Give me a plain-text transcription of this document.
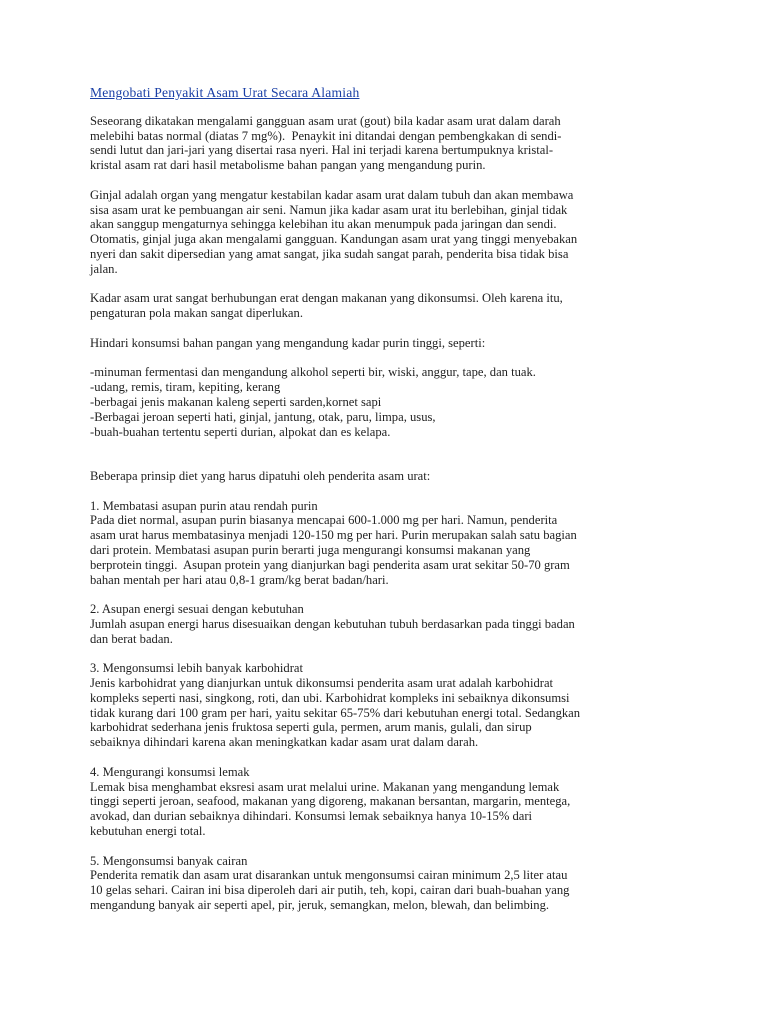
Mengobati Penyakit Asam Urat Secara Alamiah
Seseorang dikatakan mengalami gangguan asam urat (gout) bila kadar asam urat dalam darah
melebihi batas normal (diatas 7 mg%).  Penaykit ini ditandai dengan pembengkakan di sendi-
sendi lutut dan jari-jari yang disertai rasa nyeri. Hal ini terjadi karena bertumpuknya kristal-
kristal asam rat dari hasil metabolisme bahan pangan yang mengandung purin.
Ginjal adalah organ yang mengatur kestabilan kadar asam urat dalam tubuh dan akan membawa
sisa asam urat ke pembuangan air seni. Namun jika kadar asam urat itu berlebihan, ginjal tidak
akan sanggup mengaturnya sehingga kelebihan itu akan menumpuk pada jaringan dan sendi.
Otomatis, ginjal juga akan mengalami gangguan. Kandungan asam urat yang tinggi menyebakan
nyeri dan sakit dipersedian yang amat sangat, jika sudah sangat parah, penderita bisa tidak bisa
jalan.
Kadar asam urat sangat berhubungan erat dengan makanan yang dikonsumsi. Oleh karena itu,
pengaturan pola makan sangat diperlukan.
Hindari konsumsi bahan pangan yang mengandung kadar purin tinggi, seperti:
-minuman fermentasi dan mengandung alkohol seperti bir, wiski, anggur, tape, dan tuak.
-udang, remis, tiram, kepiting, kerang
-berbagai jenis makanan kaleng seperti sarden,kornet sapi
-Berbagai jeroan seperti hati, ginjal, jantung, otak, paru, limpa, usus,
-buah-buahan tertentu seperti durian, alpokat dan es kelapa.
Beberapa prinsip diet yang harus dipatuhi oleh penderita asam urat:
1. Membatasi asupan purin atau rendah purin
Pada diet normal, asupan purin biasanya mencapai 600-1.000 mg per hari. Namun, penderita
asam urat harus membatasinya menjadi 120-150 mg per hari. Purin merupakan salah satu bagian
dari protein. Membatasi asupan purin berarti juga mengurangi konsumsi makanan yang
berprotein tinggi.  Asupan protein yang dianjurkan bagi penderita asam urat sekitar 50-70 gram
bahan mentah per hari atau 0,8-1 gram/kg berat badan/hari.
2. Asupan energi sesuai dengan kebutuhan
Jumlah asupan energi harus disesuaikan dengan kebutuhan tubuh berdasarkan pada tinggi badan
dan berat badan.
3. Mengonsumsi lebih banyak karbohidrat
Jenis karbohidrat yang dianjurkan untuk dikonsumsi penderita asam urat adalah karbohidrat
kompleks seperti nasi, singkong, roti, dan ubi. Karbohidrat kompleks ini sebaiknya dikonsumsi
tidak kurang dari 100 gram per hari, yaitu sekitar 65-75% dari kebutuhan energi total. Sedangkan
karbohidrat sederhana jenis fruktosa seperti gula, permen, arum manis, gulali, dan sirup
sebaiknya dihindari karena akan meningkatkan kadar asam urat dalam darah.
4. Mengurangi konsumsi lemak
Lemak bisa menghambat eksresi asam urat melalui urine. Makanan yang mengandung lemak
tinggi seperti jeroan, seafood, makanan yang digoreng, makanan bersantan, margarin, mentega,
avokad, dan durian sebaiknya dihindari. Konsumsi lemak sebaiknya hanya 10-15% dari
kebutuhan energi total.
5. Mengonsumsi banyak cairan
Penderita rematik dan asam urat disarankan untuk mengonsumsi cairan minimum 2,5 liter atau
10 gelas sehari. Cairan ini bisa diperoleh dari air putih, teh, kopi, cairan dari buah-buahan yang
mengandung banyak air seperti apel, pir, jeruk, semangkan, melon, blewah, dan belimbing.
